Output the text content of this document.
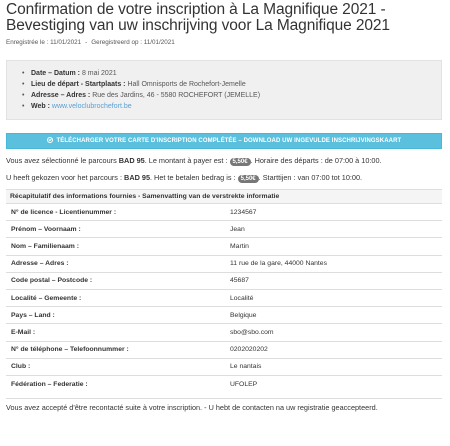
Confirmation de votre inscription à La Magnifique 2021 - Bevestiging van uw inschrijving voor La Magnifique 2021
Enregistrée le : 11/01/2021 - Geregistreerd op : 11/01/2021
• Date – Datum : 8 mai 2021
• Lieu de départ - Startplaats : Hall Omnisports de Rochefort-Jemelle
• Adresse – Adres : Rue des Jardins, 46 - 5580 ROCHEFORT (JEMELLE)
• Web : www.veloclubrochefort.be
TÉLÉCHARGER VOTRE CARTE D'INSCRIPTION COMPLÉTÉE – DOWNLOAD UW INGEVULDE INSCHRIJVINGSKAART

Vous avez sélectionné le parcours BAD 95. Le montant à payer est : 5,50€ . Horaire des départs : de 07:00 à 10:00.

U heeft gekozen voor het parcours : BAD 95. Het te betalen bedrag is : 5,50€ . Starttijen : van 07:00 tot 10:00.

Récapitulatif des informations fournies - Samenvatting van de verstrekte informatie	
N° de licence - Licentienummer :	1234567
Prénom – Voornaam :	Jean
Nom – Familienaam :	Martin
Adresse – Adres :	11 rue de la gare, 44000 Nantes
Code postal – Postcode :	45687
Localité – Gemeente :	Localité
Pays – Land :	Belgique
E-Mail :	sbo@sbo.com
N° de téléphone – Telefoonnummer :	0202020202
Club :	Le nantais
Fédération – Federatie :	UFOLEP

Vous avez accepté d'être recontacté suite à votre inscription. - U hebt de contacten na uw registratie geaccepteerd.
